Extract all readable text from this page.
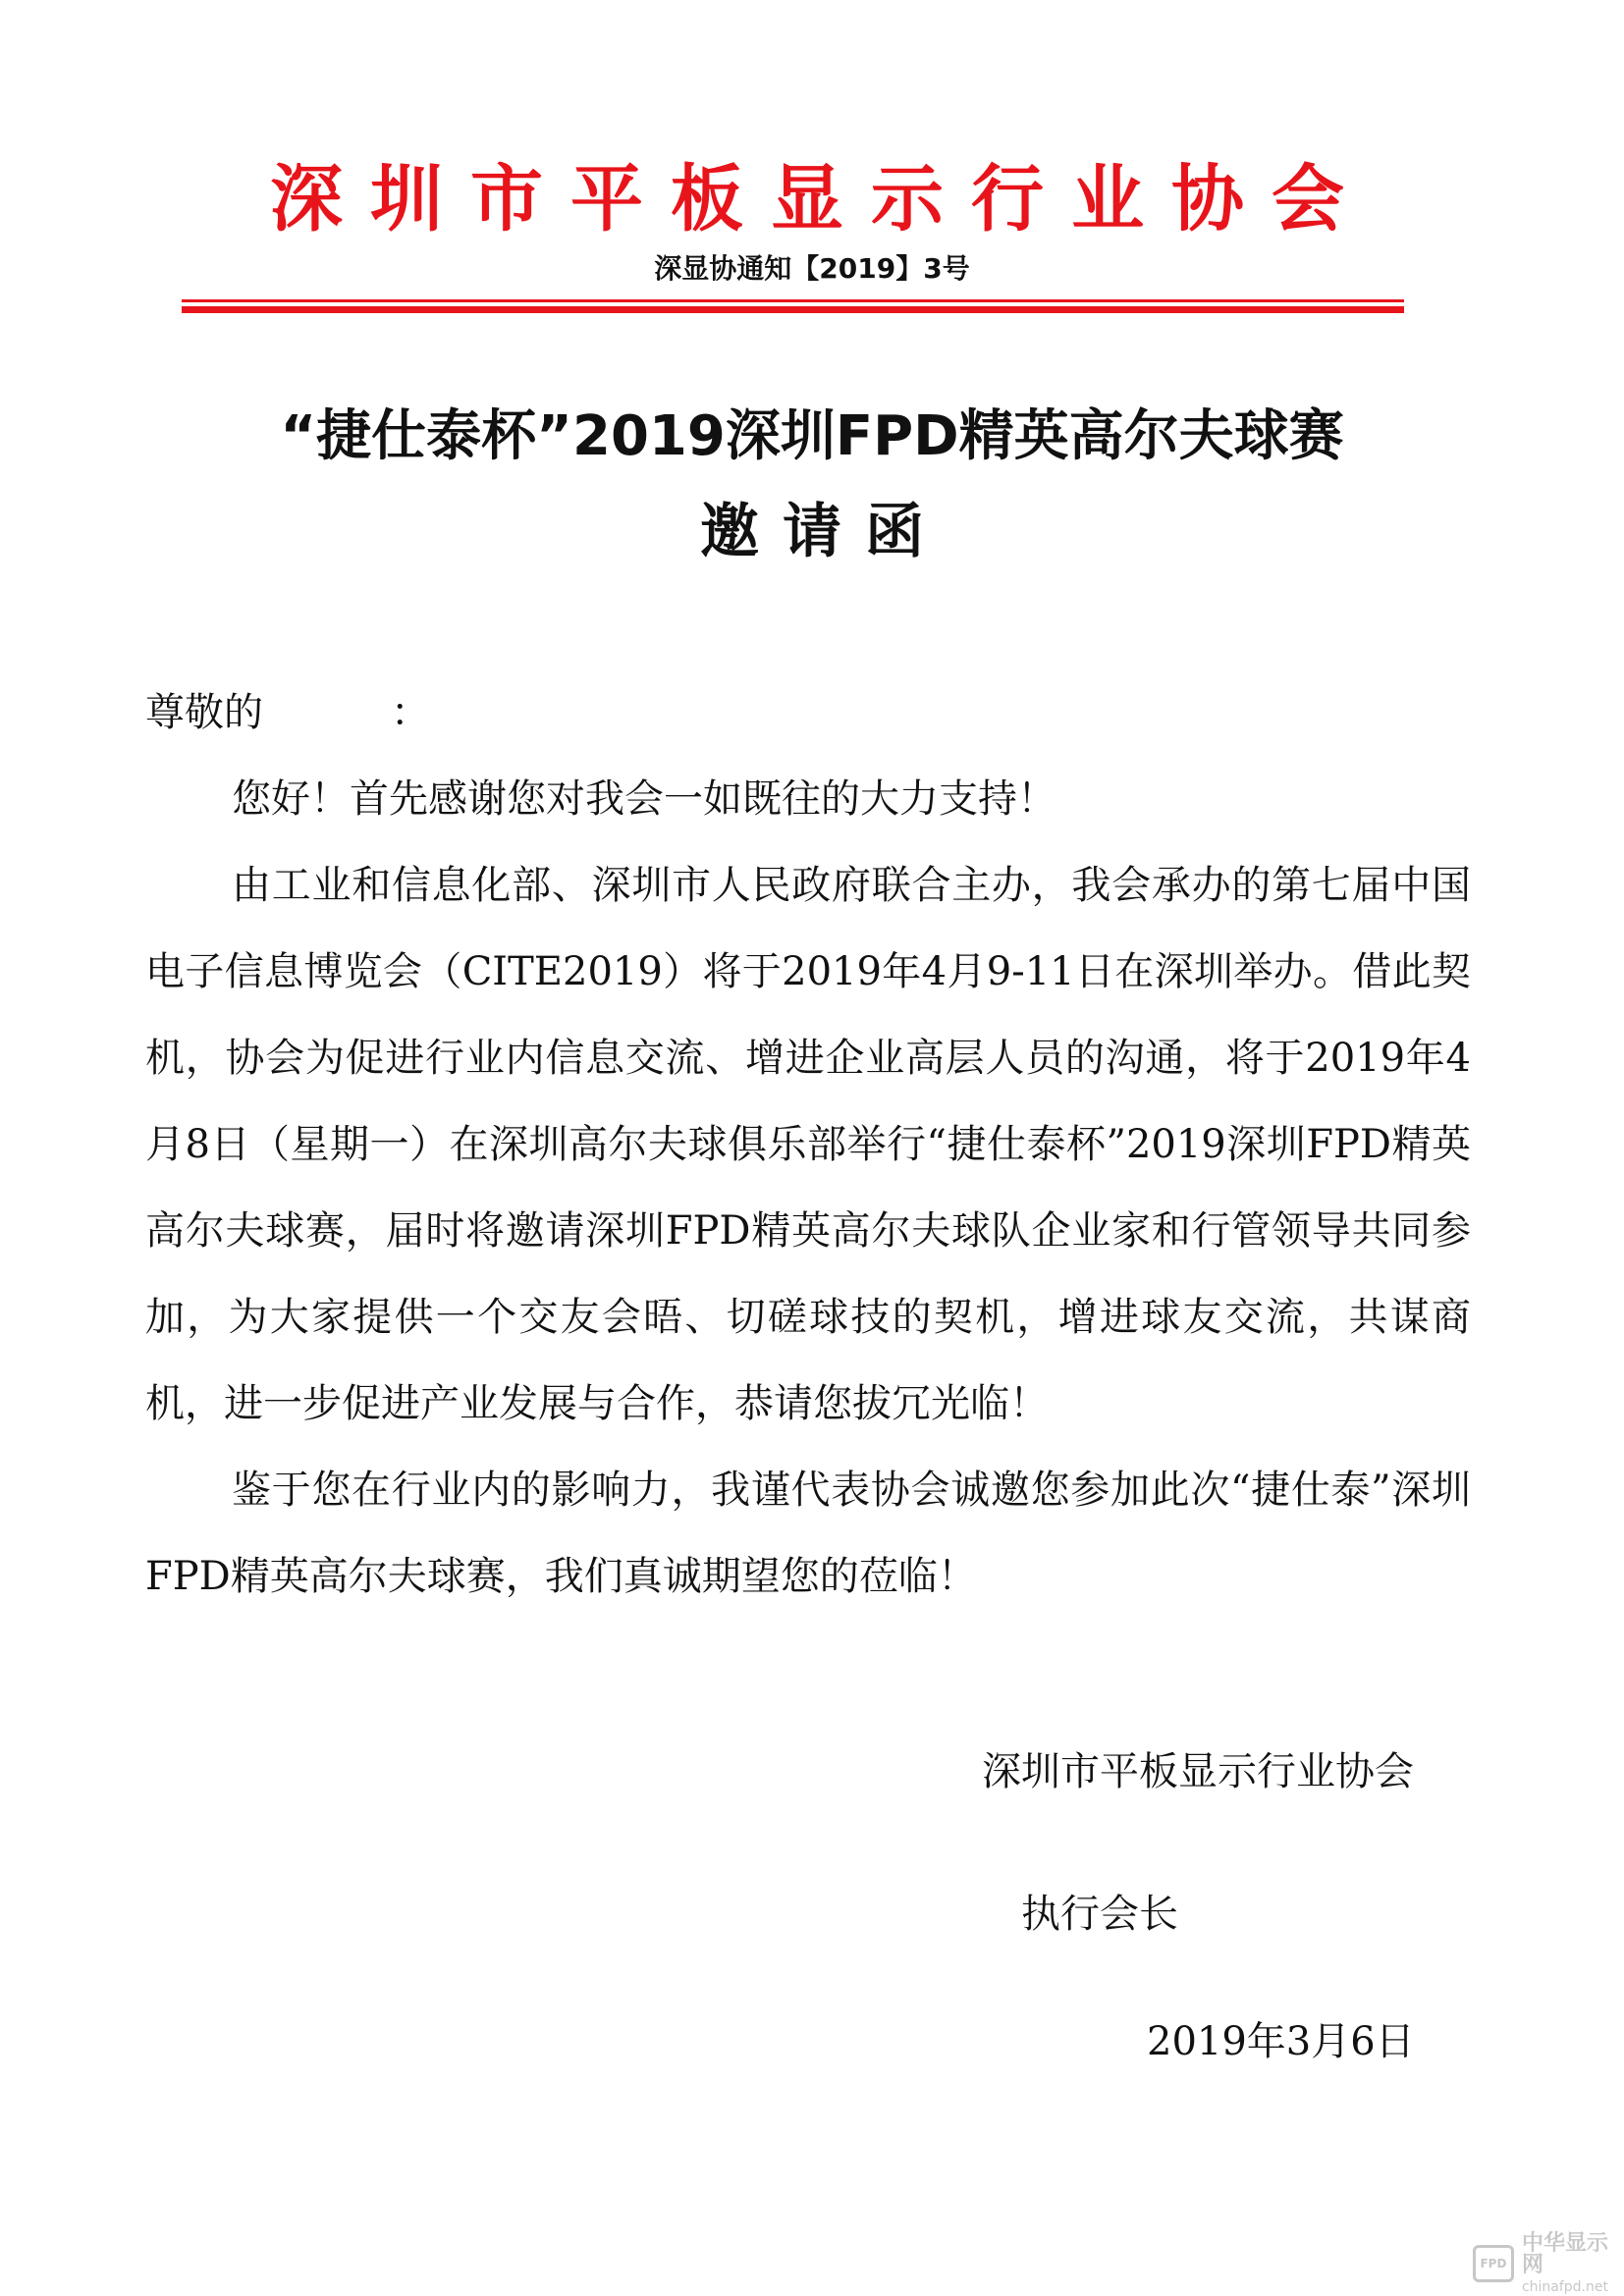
深圳市平板显示行业协会
深显协通知【2019】3号
“捷仕泰杯”2019深圳FPD精英高尔夫球赛
邀请函

尊敬的	：

您好！首先感谢您对我会一如既往的大力支持！

由工业和信息化部、深圳市人民政府联合主办，我会承办的第七届中国电子信息博览会（CITE2019）将于2019年4月9-11日在深圳举办。借此契机，协会为促进行业内信息交流、增进企业高层人员的沟通，将于2019年4月8日（星期一）在深圳高尔夫球俱乐部举行“捷仕泰杯”2019深圳FPD精英高尔夫球赛，届时将邀请深圳FPD精英高尔夫球队企业家和行管领导共同参加，为大家提供一个交友会晤、切磋球技的契机，增进球友交流，共谋商机，进一步促进产业发展与合作，恭请您拔冗光临！

鉴于您在行业内的影响力，我谨代表协会诚邀您参加此次“捷仕泰”深圳FPD精英高尔夫球赛，我们真诚期望您的莅临！

深圳市平板显示行业协会
执行会长
2019年3月6日
FPD
中华显示网
chinafpd.net
